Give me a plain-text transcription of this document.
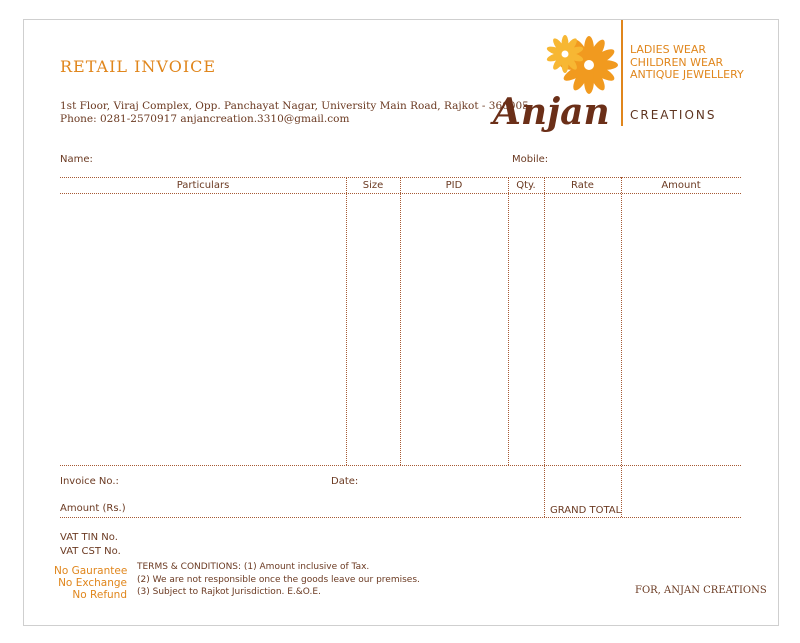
RETAIL INVOICE
1st Floor, Viraj Complex, Opp. Panchayat Nagar, University Main Road, Rajkot - 360005
Phone: 0281-2570917 anjancreation.3310@gmail.com	Anjan
LADIES WEAR
CHILDREN WEAR
ANTIQUE JEWELLERY
CREATIONS
Name:	Mobile:
Particulars	Size	PID	Qty.	Rate	Amount
Invoice No.:	Date:
Amount (Rs.)	GRAND TOTAL
VAT TIN No.
VAT CST No.
No Gaurantee
No Exchange
No Refund
TERMS & CONDITIONS: (1) Amount inclusive of Tax.
(2) We are not responsible once the goods leave our premises.
(3) Subject to Rajkot Jurisdiction. E.&O.E.	FOR, ANJAN CREATIONS
